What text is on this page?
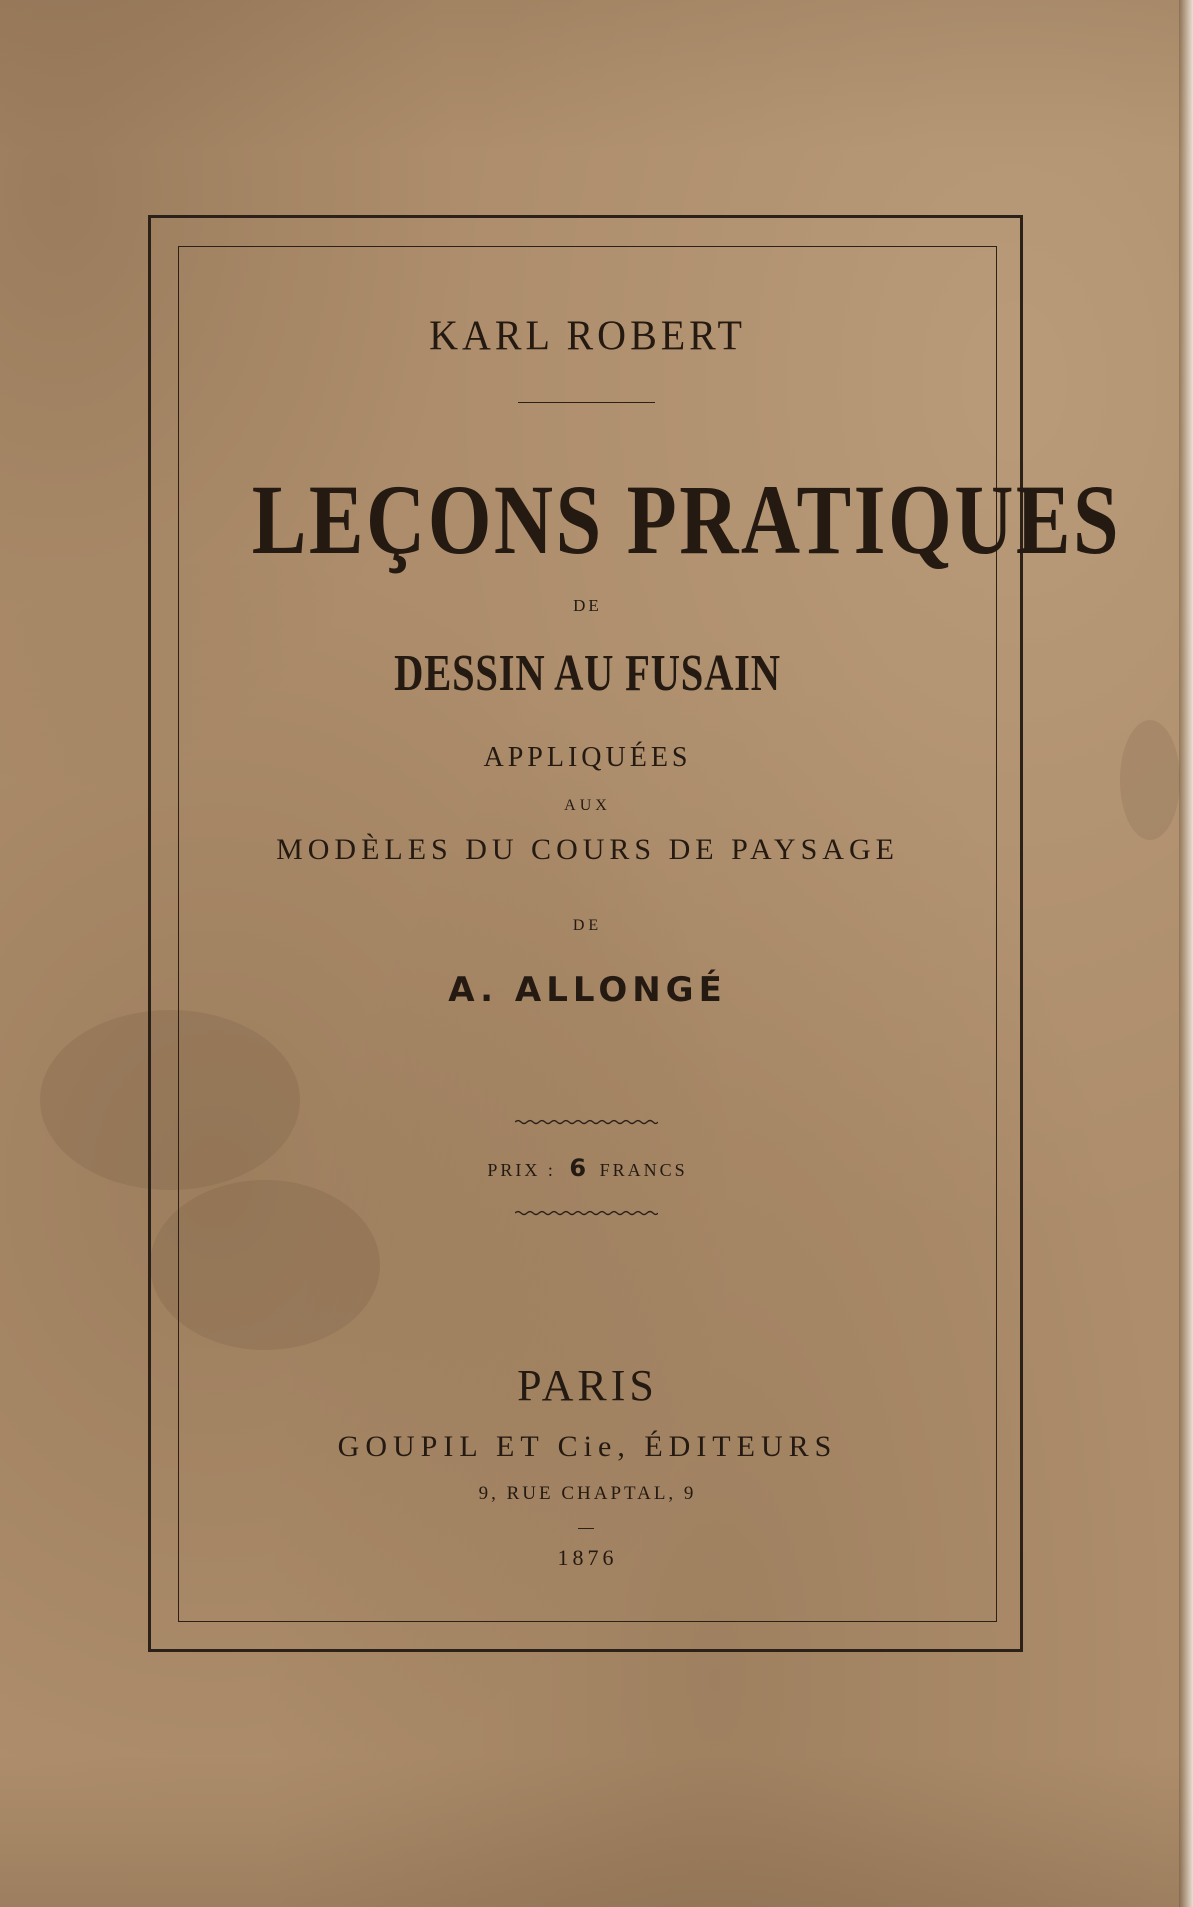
KARL ROBERT
LEÇONS PRATIQUES
DE
DESSIN AU FUSAIN
APPLIQUÉES
AUX
MODÈLES DU COURS DE PAYSAGE
DE
A. ALLONGÉ
PRIX : 6 FRANCS
PARIS
GOUPIL ET Cie, ÉDITEURS
9, RUE CHAPTAL, 9
1876
